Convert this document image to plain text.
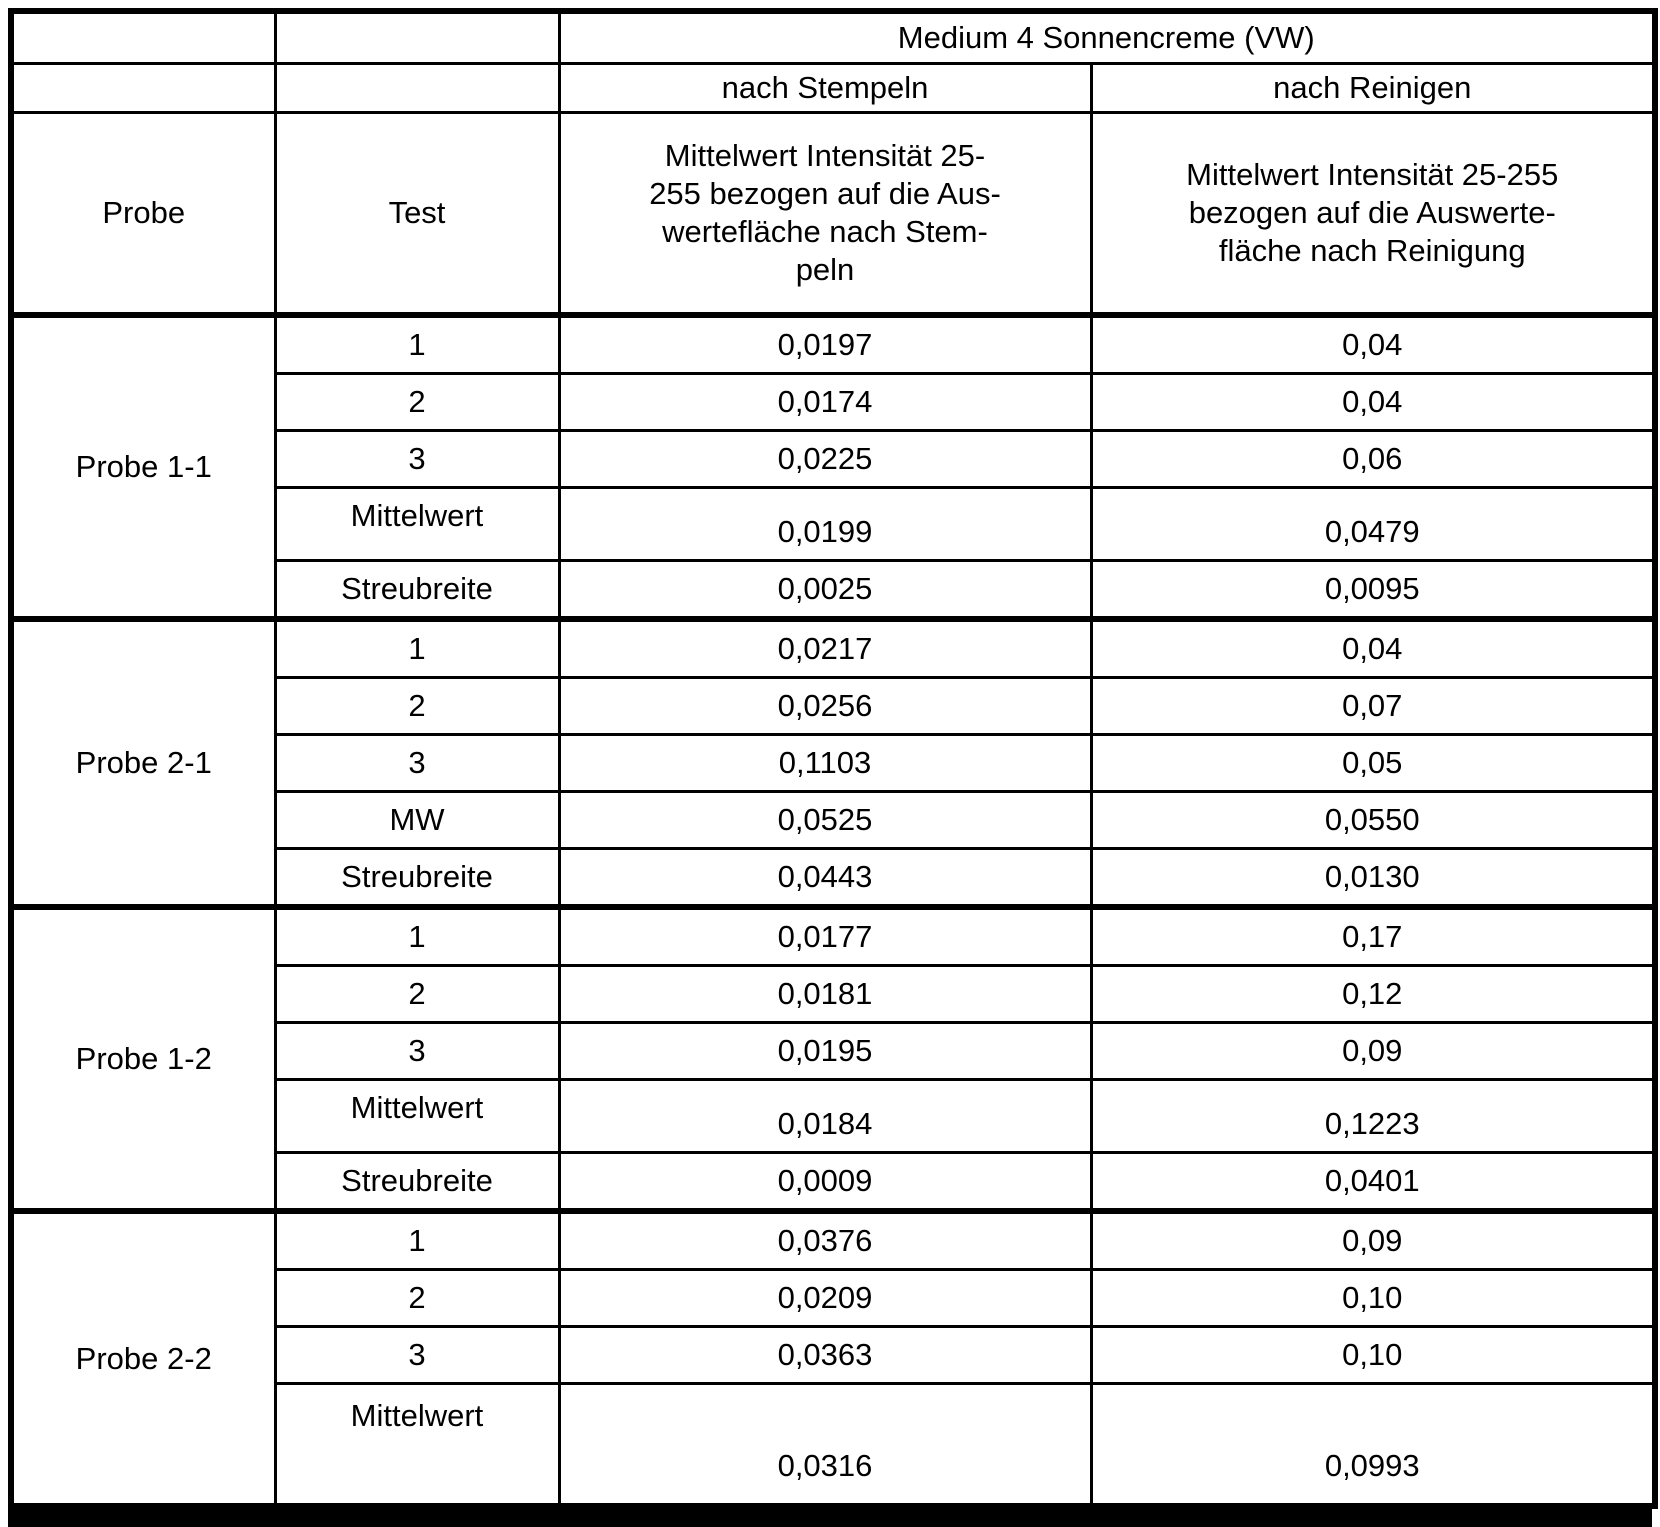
		Medium 4 Sonnencreme (VW)	
		nach Stempeln	nach Reinigen
Probe	Test	Mittelwert Intensität 25-
255 bezogen auf die Aus-
wertefläche nach Stem-
peln	Mittelwert Intensität 25-255
bezogen auf die Auswerte-
fläche nach Reinigung
Probe 1-1	1	0,0197	0,04
	2	0,0174	0,04
	3	0,0225	0,06
	Mittelwert	0,0199	0,0479
	Streubreite	0,0025	0,0095
Probe 2-1	1	0,0217	0,04
	2	0,0256	0,07
	3	0,1103	0,05
	MW	0,0525	0,0550
	Streubreite	0,0443	0,0130
Probe 1-2	1	0,0177	0,17
	2	0,0181	0,12
	3	0,0195	0,09
	Mittelwert	0,0184	0,1223
	Streubreite	0,0009	0,0401
Probe 2-2	1	0,0376	0,09
	2	0,0209	0,10
	3	0,0363	0,10
	Mittelwert	0,0316	0,0993
